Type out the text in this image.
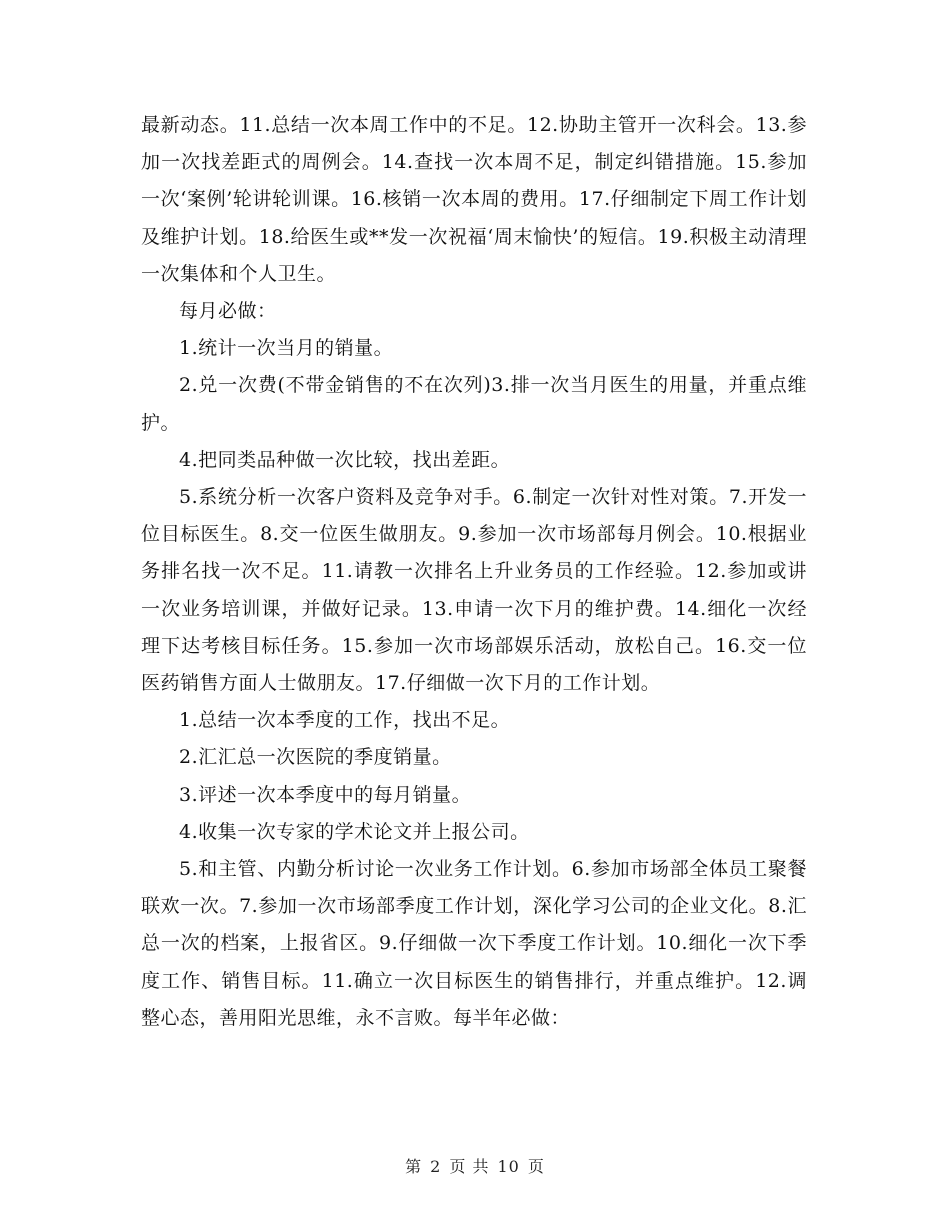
最新动态。11.总结一次本周工作中的不足。12.协助主管开一次科会。13.参加一次找差距式的周例会。14.查找一次本周不足，制定纠错措施。15.参加一次‘案例’轮讲轮训课。16.核销一次本周的费用。17.仔细制定下周工作计划及维护计划。18.给医生或**发一次祝福‘周末愉快’的短信。19.积极主动清理一次集体和个人卫生。

每月必做：

1.统计一次当月的销量。

2.兑一次费(不带金销售的不在次列)3.排一次当月医生的用量，并重点维护。

4.把同类品种做一次比较，找出差距。

5.系统分析一次客户资料及竞争对手。6.制定一次针对性对策。7.开发一位目标医生。8.交一位医生做朋友。9.参加一次市场部每月例会。10.根据业务排名找一次不足。11.请教一次排名上升业务员的工作经验。12.参加或讲一次业务培训课，并做好记录。13.申请一次下月的维护费。14.细化一次经理下达考核目标任务。15.参加一次市场部娱乐活动，放松自己。16.交一位医药销售方面人士做朋友。17.仔细做一次下月的工作计划。

1.总结一次本季度的工作，找出不足。

2.汇汇总一次医院的季度销量。

3.评述一次本季度中的每月销量。

4.收集一次专家的学术论文并上报公司。

5.和主管、内勤分析讨论一次业务工作计划。6.参加市场部全体员工聚餐联欢一次。7.参加一次市场部季度工作计划，深化学习公司的企业文化。8.汇总一次的档案，上报省区。9.仔细做一次下季度工作计划。10.细化一次下季度工作、销售目标。11.确立一次目标医生的销售排行，并重点维护。12.调整心态，善用阳光思维，永不言败。每半年必做：

第 2 页 共 10 页
